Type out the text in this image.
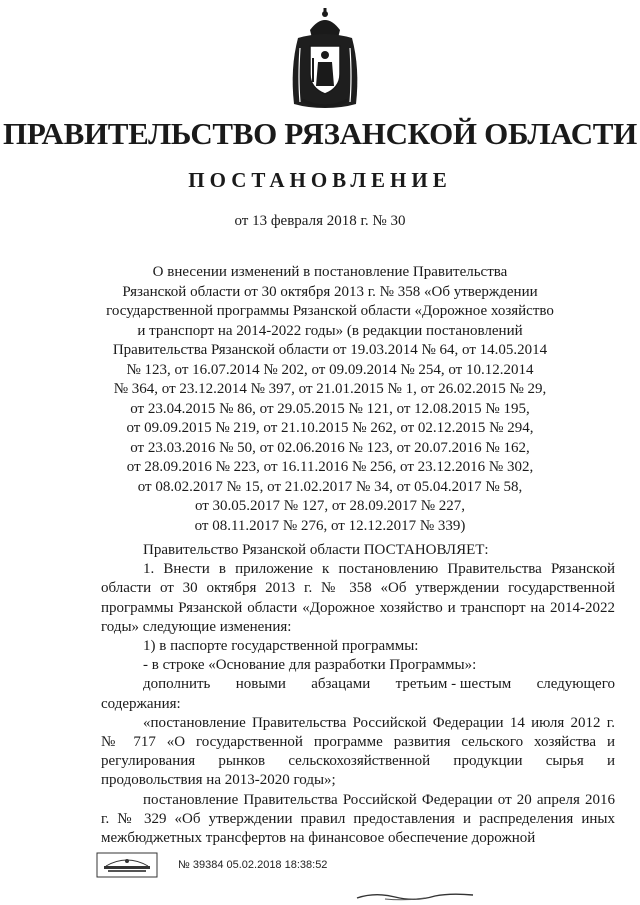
ПРАВИТЕЛЬСТВО РЯЗАНСКОЙ ОБЛАСТИ
ПОСТАНОВЛЕНИЕ
от 13 февраля 2018 г. № 30
О внесении изменений в постановление Правительства
Рязанской области от 30 октября 2013 г. № 358 «Об утверждении
государственной программы Рязанской области «Дорожное хозяйство
и транспорт на 2014-2022 годы» (в редакции постановлений
Правительства Рязанской области от 19.03.2014 № 64, от 14.05.2014
№ 123, от 16.07.2014 № 202, от 09.09.2014 № 254, от 10.12.2014
№ 364, от 23.12.2014 № 397, от 21.01.2015 № 1, от 26.02.2015 № 29,
от 23.04.2015 № 86, от 29.05.2015 № 121, от 12.08.2015 № 195,
от 09.09.2015 № 219, от 21.10.2015 № 262, от 02.12.2015 № 294,
от 23.03.2016 № 50, от 02.06.2016 № 123, от 20.07.2016 № 162,
от 28.09.2016 № 223, от 16.11.2016 № 256, от 23.12.2016 № 302,
от 08.02.2017 № 15, от 21.02.2017 № 34, от 05.04.2017 № 58,
от 30.05.2017 № 127, от 28.09.2017 № 227,
от 08.11.2017 № 276, от 12.12.2017 № 339)

Правительство Рязанской области ПОСТАНОВЛЯЕТ:

1. Внести в приложение к постановлению Правительства Рязанской области от 30 октября 2013 г. № 358 «Об утверждении государственной программы Рязанской области «Дорожное хозяйство и транспорт на 2014-2022 годы» следующие изменения:

1) в паспорте государственной программы:

- в строке «Основание для разработки Программы»:

дополнить новыми абзацами третьим - шестым следующего

содержания:

«постановление Правительства Российской Федерации 14 июля 2012 г. № 717 «О государственной программе развития сельского хозяйства и регулирования рынков сельскохозяйственной продукции сырья и продовольствия на 2013-2020 годы»;

постановление Правительства Российской Федерации от 20 апреля 2016 г. № 329 «Об утверждении правил предоставления и распределения иных межбюджетных трансфертов на финансовое обеспечение дорожной

№ 39384 05.02.2018 18:38:52
